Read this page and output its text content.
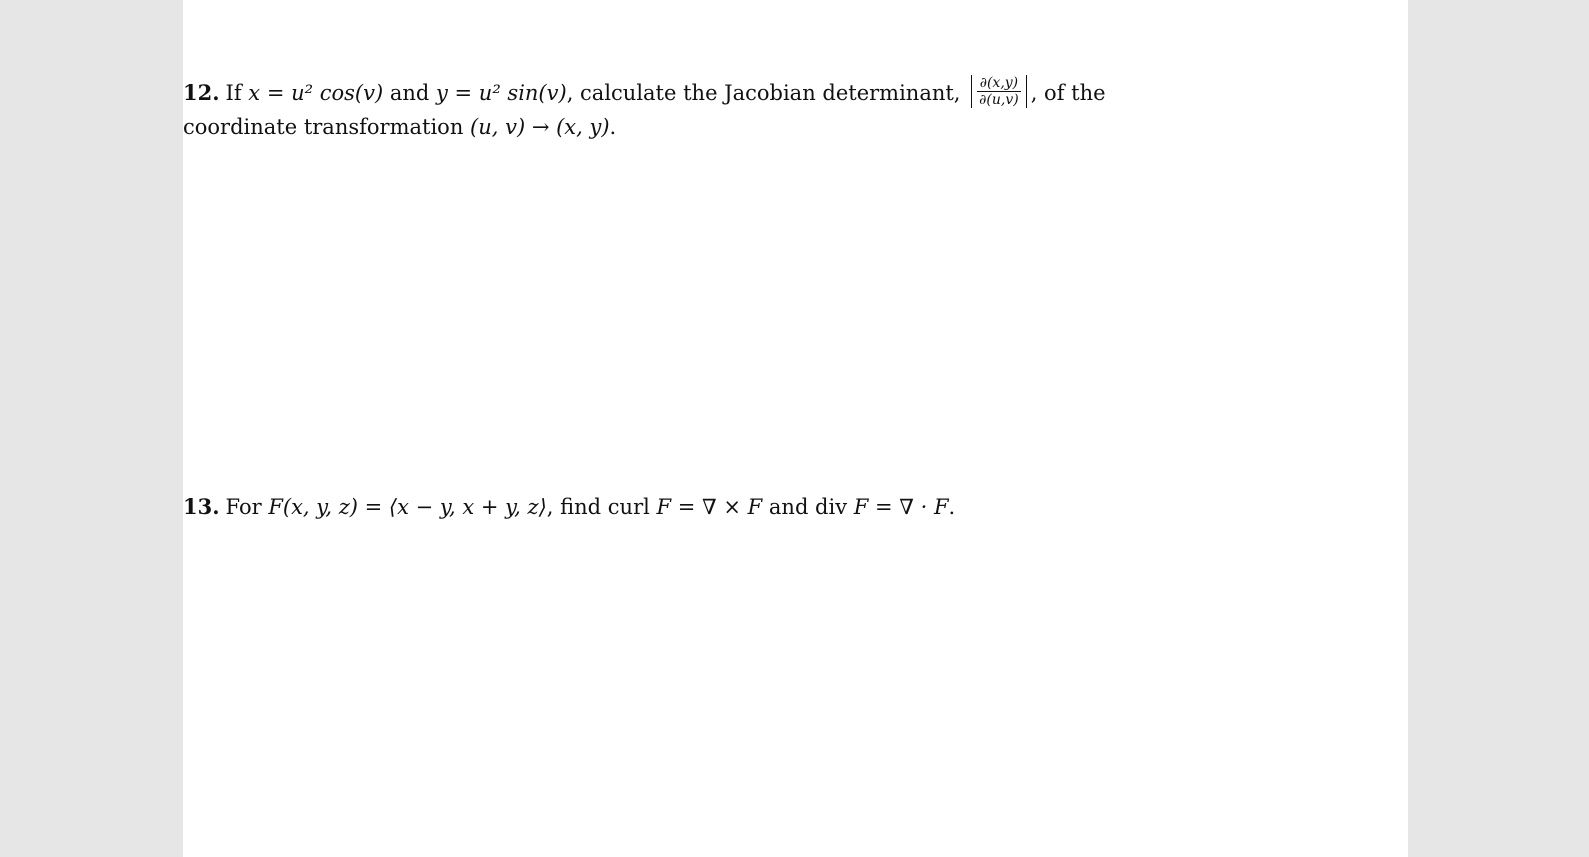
12. If x = u² cos(v) and y = u² sin(v), calculate the Jacobian determinant, $\frac{\partial(x,y)}{\partial(u,v)}$ , of the
coordinate transformation (u, v) → (x, y).
13. For F(x, y, z) = ⟨x − y, x + y, z⟩, find curl F = ∇ × F and div F = ∇ · F.
